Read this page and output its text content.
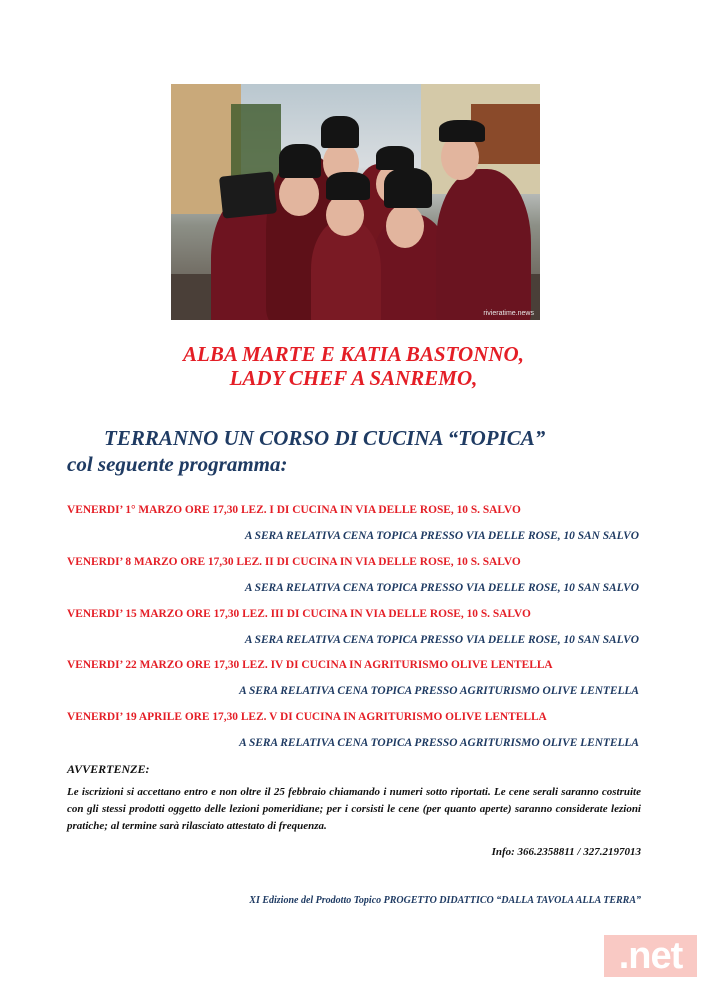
rivieratime.news
ALBA MARTE E KATIA BASTONNO,
LADY CHEF A SANREMO,
TERRANNO UN CORSO DI CUCINA “TOPICA”
col seguente programma:
VENERDI’ 1° MARZO ORE 17,30 LEZ. I DI CUCINA IN VIA DELLE ROSE, 10 S. SALVO
A SERA RELATIVA CENA TOPICA PRESSO VIA DELLE ROSE, 10 SAN SALVO
VENERDI’ 8 MARZO ORE 17,30 LEZ. II DI CUCINA IN VIA DELLE ROSE, 10 S. SALVO
A SERA RELATIVA CENA TOPICA PRESSO VIA DELLE ROSE, 10 SAN SALVO
VENERDI’ 15 MARZO ORE 17,30 LEZ. III DI CUCINA IN VIA DELLE ROSE, 10 S. SALVO
A SERA RELATIVA CENA TOPICA PRESSO VIA DELLE ROSE, 10 SAN SALVO
VENERDI’ 22 MARZO ORE 17,30 LEZ. IV DI CUCINA IN AGRITURISMO OLIVE LENTELLA
A SERA RELATIVA CENA TOPICA PRESSO AGRITURISMO OLIVE LENTELLA
VENERDI’ 19 APRILE ORE 17,30 LEZ. V DI CUCINA IN AGRITURISMO OLIVE LENTELLA
A SERA RELATIVA CENA TOPICA PRESSO AGRITURISMO OLIVE LENTELLA
AVVERTENZE:
Le iscrizioni si accettano entro e non oltre il 25 febbraio chiamando i numeri sotto riportati. Le cene serali saranno costruite con gli stessi prodotti oggetto delle lezioni pomeridiane; per i corsisti le cene (per quanto aperte) saranno considerate lezioni pratiche; al termine sarà rilasciato attestato di frequenza.
Info: 366.2358811 / 327.2197013
XI Edizione del Prodotto Topico PROGETTO DIDATTICO “DALLA TAVOLA ALLA TERRA”
.net
